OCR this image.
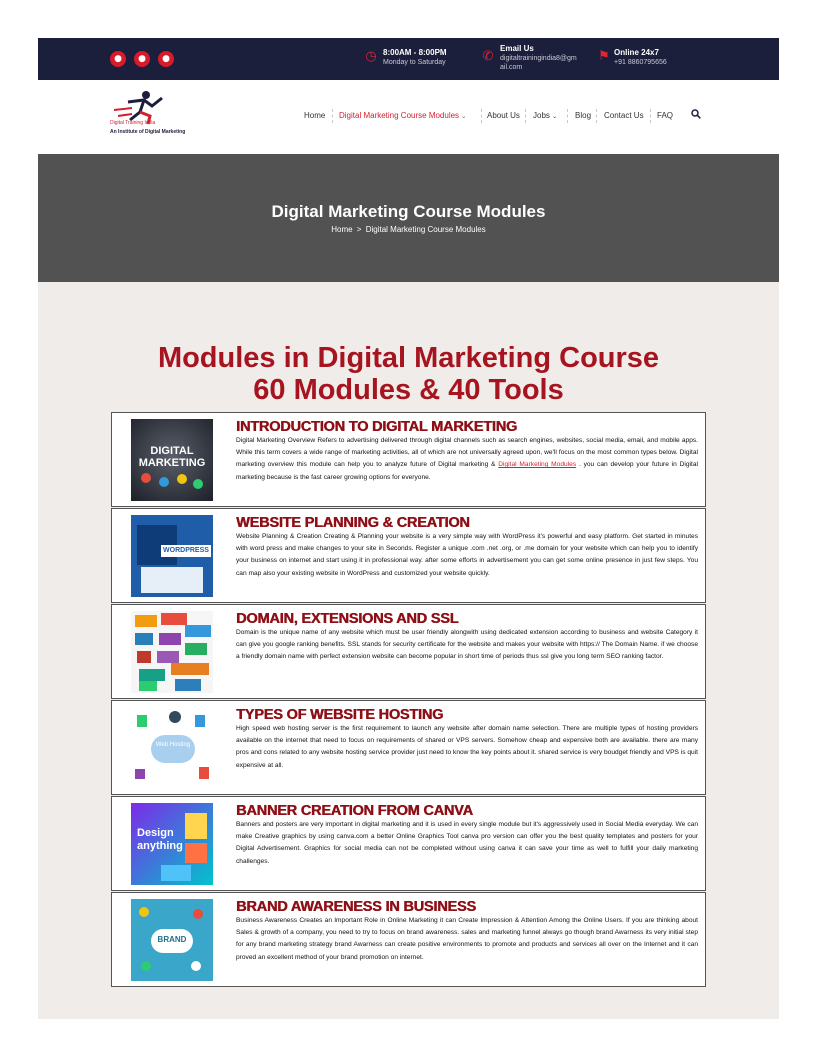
●	●	●	◷ 8:00AM - 8:00PM
Monday to Saturday	✆
Email Us
digitaltrainingindia8@gm
ail.com
⚑ Online 24x7
+91 8860795656
Digital Training India
An Institute of Digital Marketing
Home Digital Marketing Course Modules ⌄	About Us Jobs ⌄ Blog Contact Us FAQ
Digital Marketing Course Modules
Home > Digital Marketing Course Modules
Modules in Digital Marketing Course
60 Modules & 40 Tools
DIGITAL MARKETING
INTRODUCTION TO DIGITAL MARKETING
Digital Marketing Overview Refers to advertising delivered through digital channels such as search engines, websites, social media, email, and mobile apps. While this term covers a wide range of marketing activities, all of which are not universally agreed upon, we'll focus on the most common types below. Digital marketing overview this module can help you to analyze future of Digital marketing & Digital Marketing Modules . you can develop your future in Digital marketing because is the fast career growing options for everyone.
WORDPRESS
WEBSITE PLANNING & CREATION
Website Planning & Creation Creating & Planning your website is a very simple way with WordPress it's powerful and easy platform. Get started in minutes with word press and make changes to your site in Seconds. Register a unique .com .net .org, or .me domain for your website which can help you to identify your business on internet and start using it in professional way. after some efforts in advertisement you can get some online presence in just few steps. You can map also your existing website in WordPress and customized your website quickly.
DOMAIN, EXTENSIONS AND SSL
Domain is the unique name of any website which must be user friendly alongwith using dedicated extension according to business and website Category it can give you google ranking benefits. SSL stands for security certificate for the website and makes your website with https:// The Domain Name. if we choose a friendly domain name with perfect extension website can become popular in short time of periods thus ssl give you long term SEO ranking factor.
Web Hosting
TYPES OF WEBSITE HOSTING
High speed web hosting server is the first requirement to launch any website after domain name selection. There are multiple types of hosting providers available on the internet that need to focus on requirements of shared or VPS servers. Somehow cheap and expensive both are available. there are many pros and cons related to any website hosting service provider just need to know the key points about it. shared service is very boudget friendly and VPS is quit expensive at all.
Design anything
BANNER CREATION FROM CANVA
Banners and posters are very important in digital marketing and it is used in every single module but it's aggressively used in Social Media everyday. We can make Creative graphics by using canva.com a better Online Graphics Tool canva pro version can offer you the best quality templates and posters for your Digital Advertisement. Graphics for social media can not be completed without using canva it can save your time as well to fulfill your daily marketing challenges.
BRAND
BRAND AWARENESS IN BUSINESS
Business Awareness Creates an Important Role in Online Marketing it can Create Impression & Attention Among the Online Users. If you are thinking about Sales & growth of a company, you need to try to focus on brand awareness. sales and marketing funnel always go though brand Awarness its very initial step for any brand marketing strategy brand Awarness can create positive environments to promote and products and services all over on the Internet and it can proved an excellent method of your brand promotion on internet.
